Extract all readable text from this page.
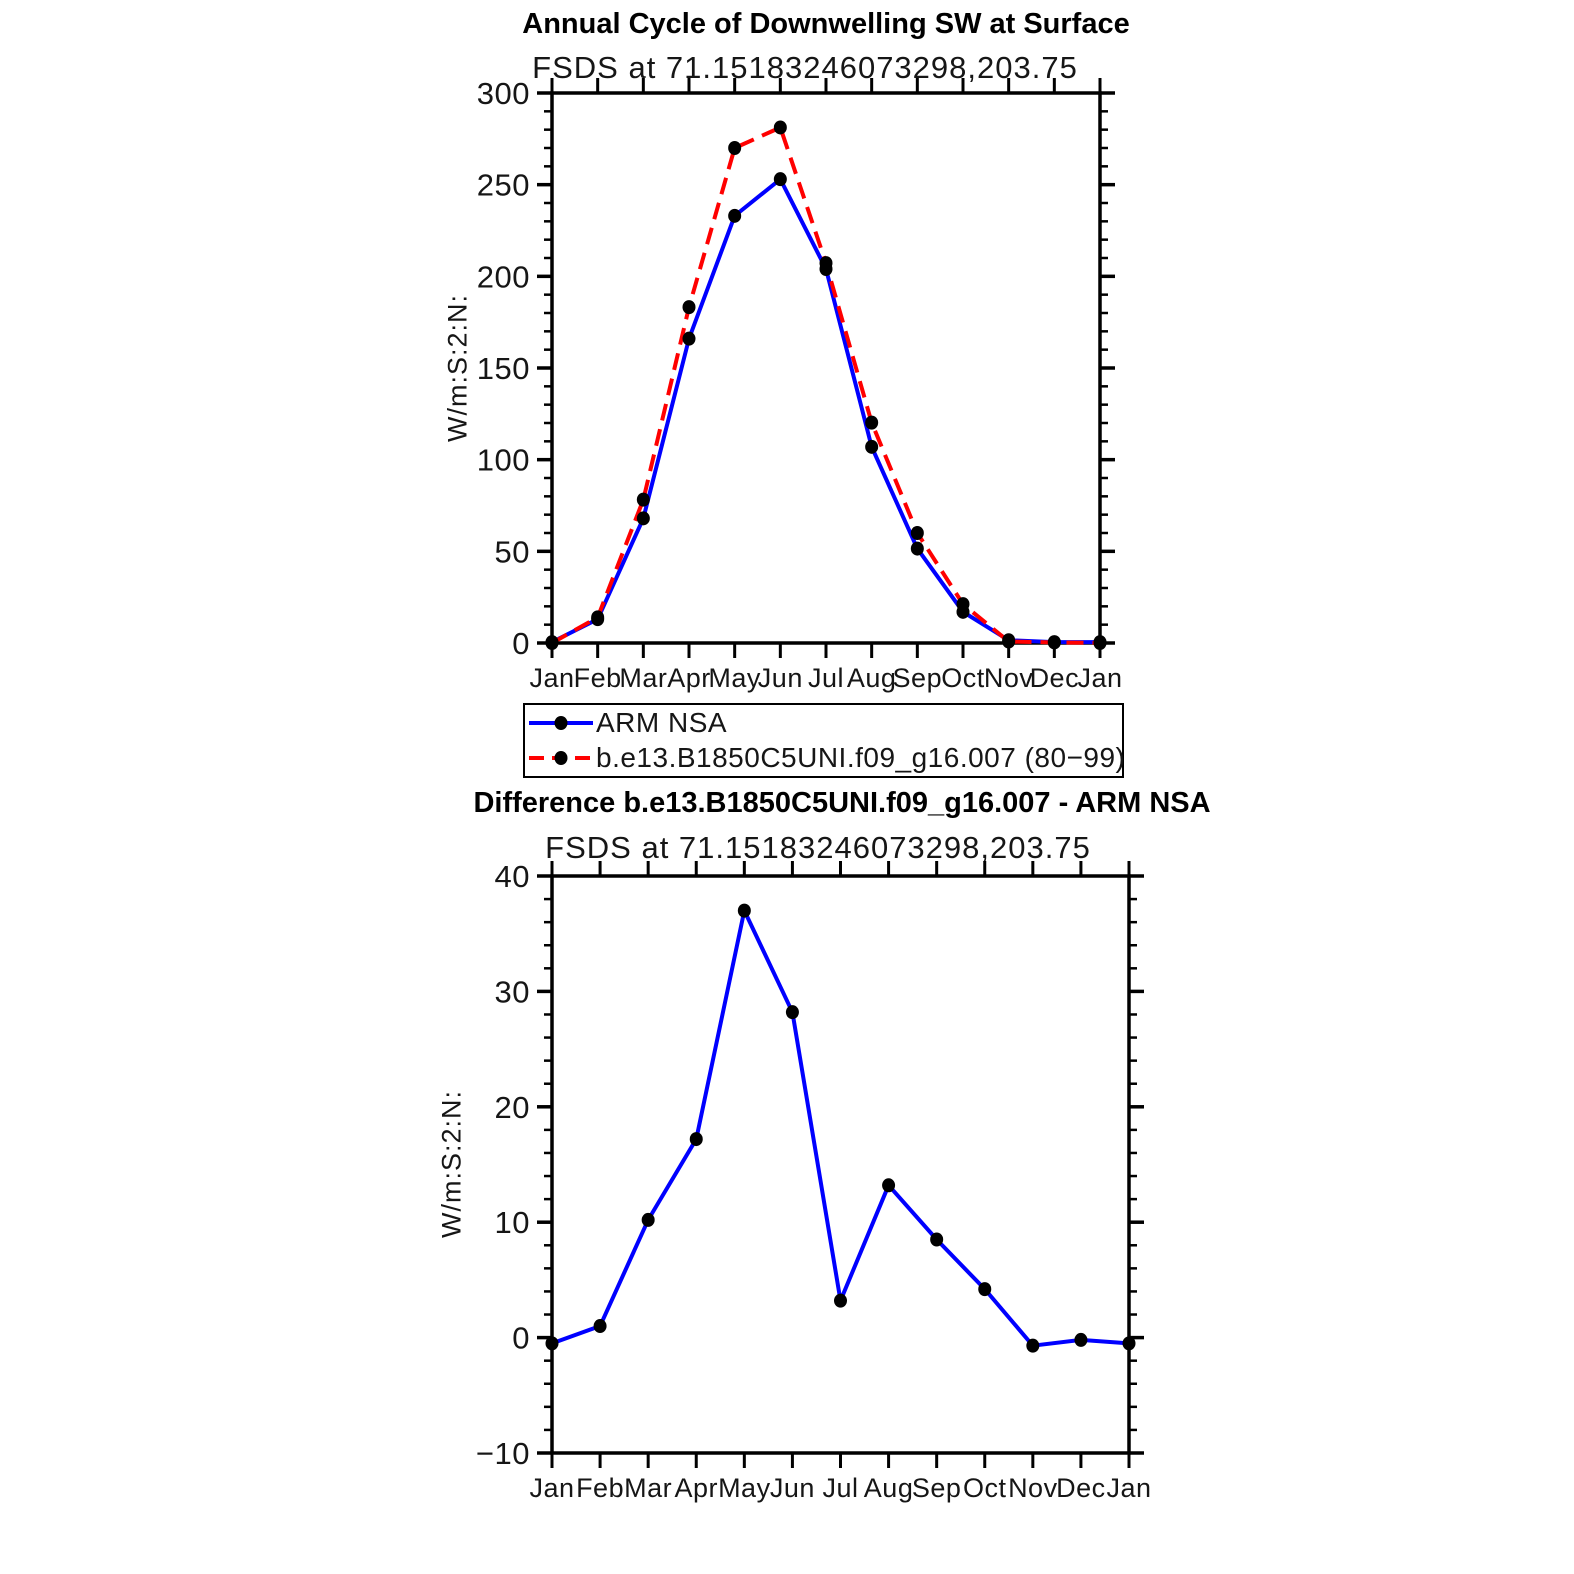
Annual Cycle of Downwelling SW at Surface
FSDS at 71.15183246073298,203.75
W/m:S:2:N:
Difference b.e13.B1850C5UNI.f09_g16.007 - ARM NSA
FSDS at 71.15183246073298,203.75
W/m:S:2:N:
Jan Feb
Mar Apr
May
Jun Jul Aug
Sep Oct Nov
Dec
Jan
0
50
100
150
200
250
300
Jan Feb Mar Apr May Jun Jul Aug
Sep Oct Nov
Dec Jan
−10
0
10
20
30
40
ARM NSA
b.e13.B1850C5UNI.f09_g16.007 (80−99)
